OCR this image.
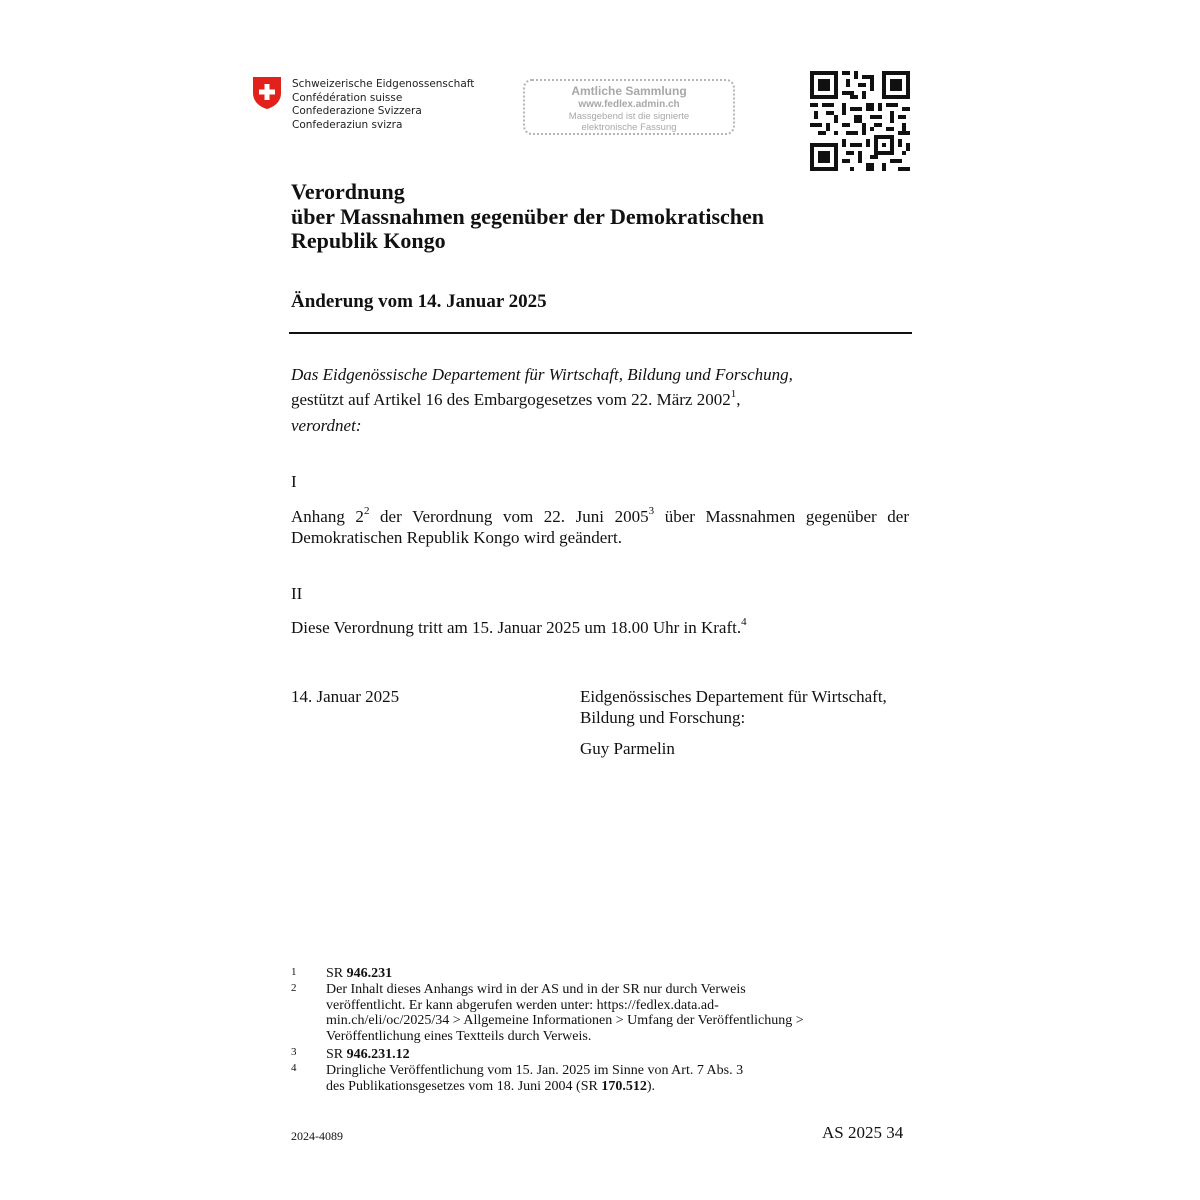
Schweizerische Eidgenossenschaft
Confédération suisse
Confederazione Svizzera
Confederaziun svizra
Amtliche Sammlung
www.fedlex.admin.ch
Massgebend ist die signierte
elektronische Fassung
Verordnung
über Massnahmen gegenüber der Demokratischen
Republik Kongo
Änderung vom 14. Januar 2025
Das Eidgenössische Departement für Wirtschaft, Bildung und Forschung,
gestützt auf Artikel 16 des Embargogesetzes vom 22. März 2002$^1$,
verordnet:
I
Anhang $2^2$ der Verordnung vom 22. Juni 2005$^3$ über Massnahmen gegenüber der Demokratischen Republik Kongo wird geändert.
II
Diese Verordnung tritt am 15. Januar 2025 um 18.00 Uhr in Kraft.$^4$
14. Januar 2025	Eidgenössisches Departement für Wirtschaft,
Bildung und Forschung:
Guy Parmelin
1 SR 946.231
2 Der Inhalt dieses Anhangs wird in der AS und in der SR nur durch Verweis
veröffentlicht. Er kann abgerufen werden unter: https://fedlex.data.ad-
min.ch/eli/oc/2025/34 > Allgemeine Informationen > Umfang der Veröffentlichung >
Veröffentlichung eines Textteils durch Verweis.
3 SR 946.231.12
4 Dringliche Veröffentlichung vom 15. Jan. 2025 im Sinne von Art. 7 Abs. 3
des Publikationsgesetzes vom 18. Juni 2004 (SR 170.512).
2024-4089	AS 2025 34
